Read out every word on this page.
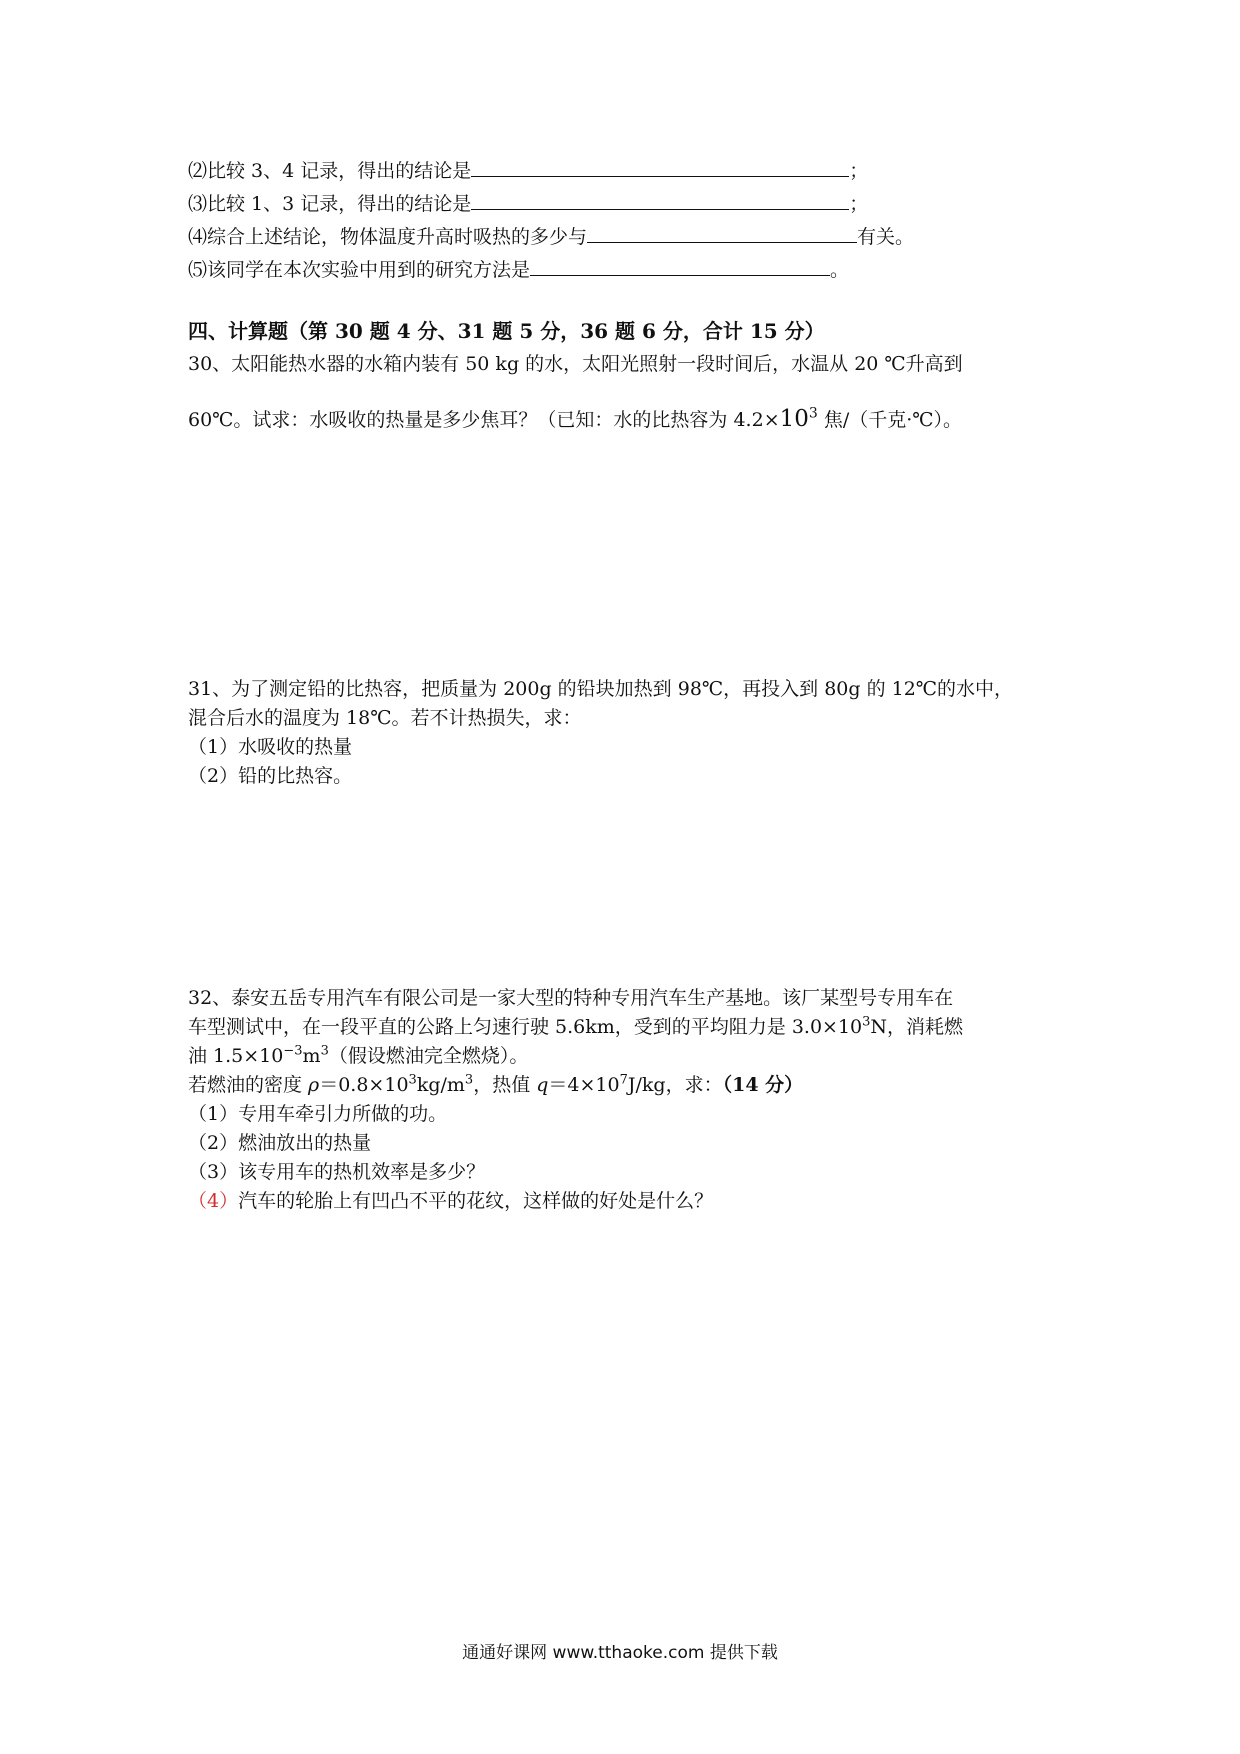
⑵比较 3、4 记录，得出的结论是	；
⑶比较 1、3 记录，得出的结论是	；
⑷综合上述结论，物体温度升高时吸热的多少与	有关。
⑸该同学在本次实验中用到的研究方法是	。
四、计算题（第 30 题 4 分、31 题 5 分，36 题 6 分，合计 15 分）
30、太阳能热水器的水箱内装有 50 kg 的水，太阳光照射一段时间后，水温从 20 ℃升高到
60℃。试求：水吸收的热量是多少焦耳？（已知：水的比热容为 $4.2\times 10^3$ 焦/（千克·℃）。
31、为了测定铅的比热容，把质量为 200g 的铅块加热到 98℃，再投入到 80g 的 12℃的水中，
混合后水的温度为 18℃。若不计热损失，求：
（1）水吸收的热量
（2）铅的比热容。
32、泰安五岳专用汽车有限公司是一家大型的特种专用汽车生产基地。该厂某型号专用车在
车型测试中，在一段平直的公路上匀速行驶 5.6km，受到的平均阻力是 $3.0\times 10^3N$，消耗燃
油 $1.5\times 10^{-3}m^3$（假设燃油完全燃烧）。
若燃油的密度 $\rho=0.8\times 10^3kg/m^3$，热值 $q=4\times 10^7J/kg$，求：（14 分）
（1）专用车牵引力所做的功。
（2）燃油放出的热量
（3）该专用车的热机效率是多少？
（4）汽车的轮胎上有凹凸不平的花纹，这样做的好处是什么？
通通好课网 www.tthaoke.com 提供下载
